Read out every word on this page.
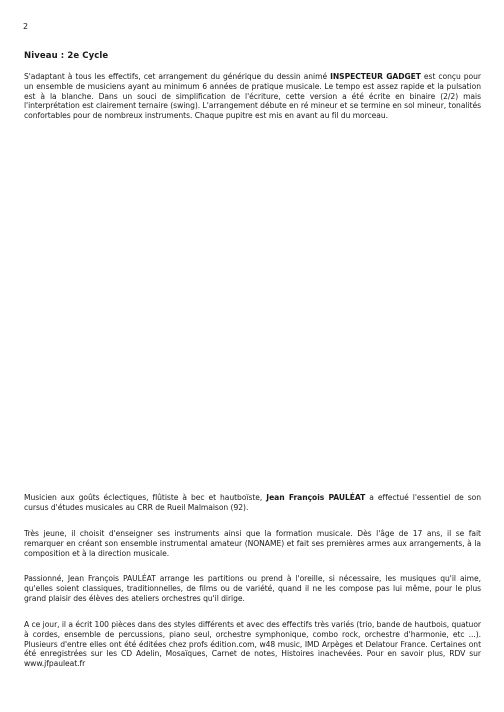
2
Niveau : 2e Cycle

S'adaptant à tous les effectifs, cet arrangement du générique du dessin animé INSPECTEUR GADGET est conçu pour un ensemble de musiciens ayant au minimum 6 années de pratique musicale. Le tempo est assez rapide et la pulsation est à la blanche. Dans un souci de simplification de l'écriture, cette version a été écrite en binaire (2/2) mais l'interprétation est clairement ternaire (swing). L'arrangement débute en ré mineur et se termine en sol mineur, tonalités confortables pour de nombreux instruments. Chaque pupitre est mis en avant au fil du morceau.

Musicien aux goûts éclectiques, flûtiste à bec et hautboïste, Jean François PAULÉAT a effectué l'essentiel de son cursus d'études musicales au CRR de Rueil Malmaison (92).

Très jeune, il choisit d'enseigner ses instruments ainsi que la formation musicale. Dès l'âge de 17 ans, il se fait remarquer en créant son ensemble instrumental amateur (NONAME) et fait ses premières armes aux arrangements, à la composition et à la direction musicale.

Passionné, Jean François PAULÉAT arrange les partitions ou prend à l'oreille, si nécessaire, les musiques qu'il aime, qu'elles soient classiques, traditionnelles, de films ou de variété, quand il ne les compose pas lui même, pour le plus grand plaisir des élèves des ateliers orchestres qu'il dirige.

A ce jour, il a écrit 100 pièces dans des styles différents et avec des effectifs très variés (trio, bande de hautbois, quatuor à cordes, ensemble de percussions, piano seul, orchestre symphonique, combo rock, orchestre d'harmonie, etc ...). Plusieurs d'entre elles ont été éditées chez profs édition.com, w48 music, IMD Arpèges et Delatour France. Certaines ont été enregistrées sur les CD Adelin, Mosaïques, Carnet de notes, Histoires inachevées. Pour en savoir plus, RDV sur www.jfpauleat.fr
